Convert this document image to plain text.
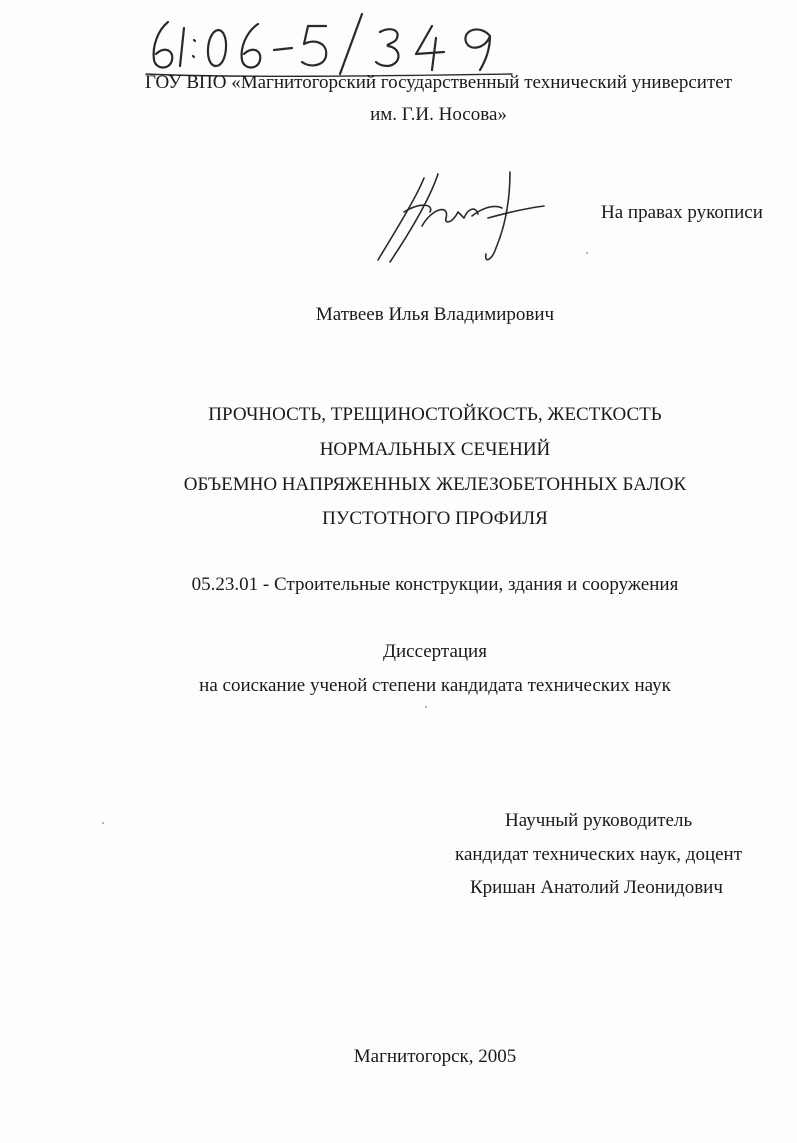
ГОУ ВПО «Магнитогорский государственный технический университет
им. Г.И. Носова»
На правах рукописи
Матвеев Илья Владимирович
ПРОЧНОСТЬ, ТРЕЩИНОСТОЙКОСТЬ, ЖЕСТКОСТЬ
НОРМАЛЬНЫХ СЕЧЕНИЙ
ОБЪЕМНО НАПРЯЖЕННЫХ ЖЕЛЕЗОБЕТОННЫХ БАЛОК
ПУСТОТНОГО ПРОФИЛЯ
05.23.01 - Строительные конструкции, здания и сооружения
Диссертация
на соискание ученой степени кандидата технических наук
Научный руководитель
кандидат технических наук, доцент
Кришан Анатолий Леонидович
Магнитогорск, 2005
